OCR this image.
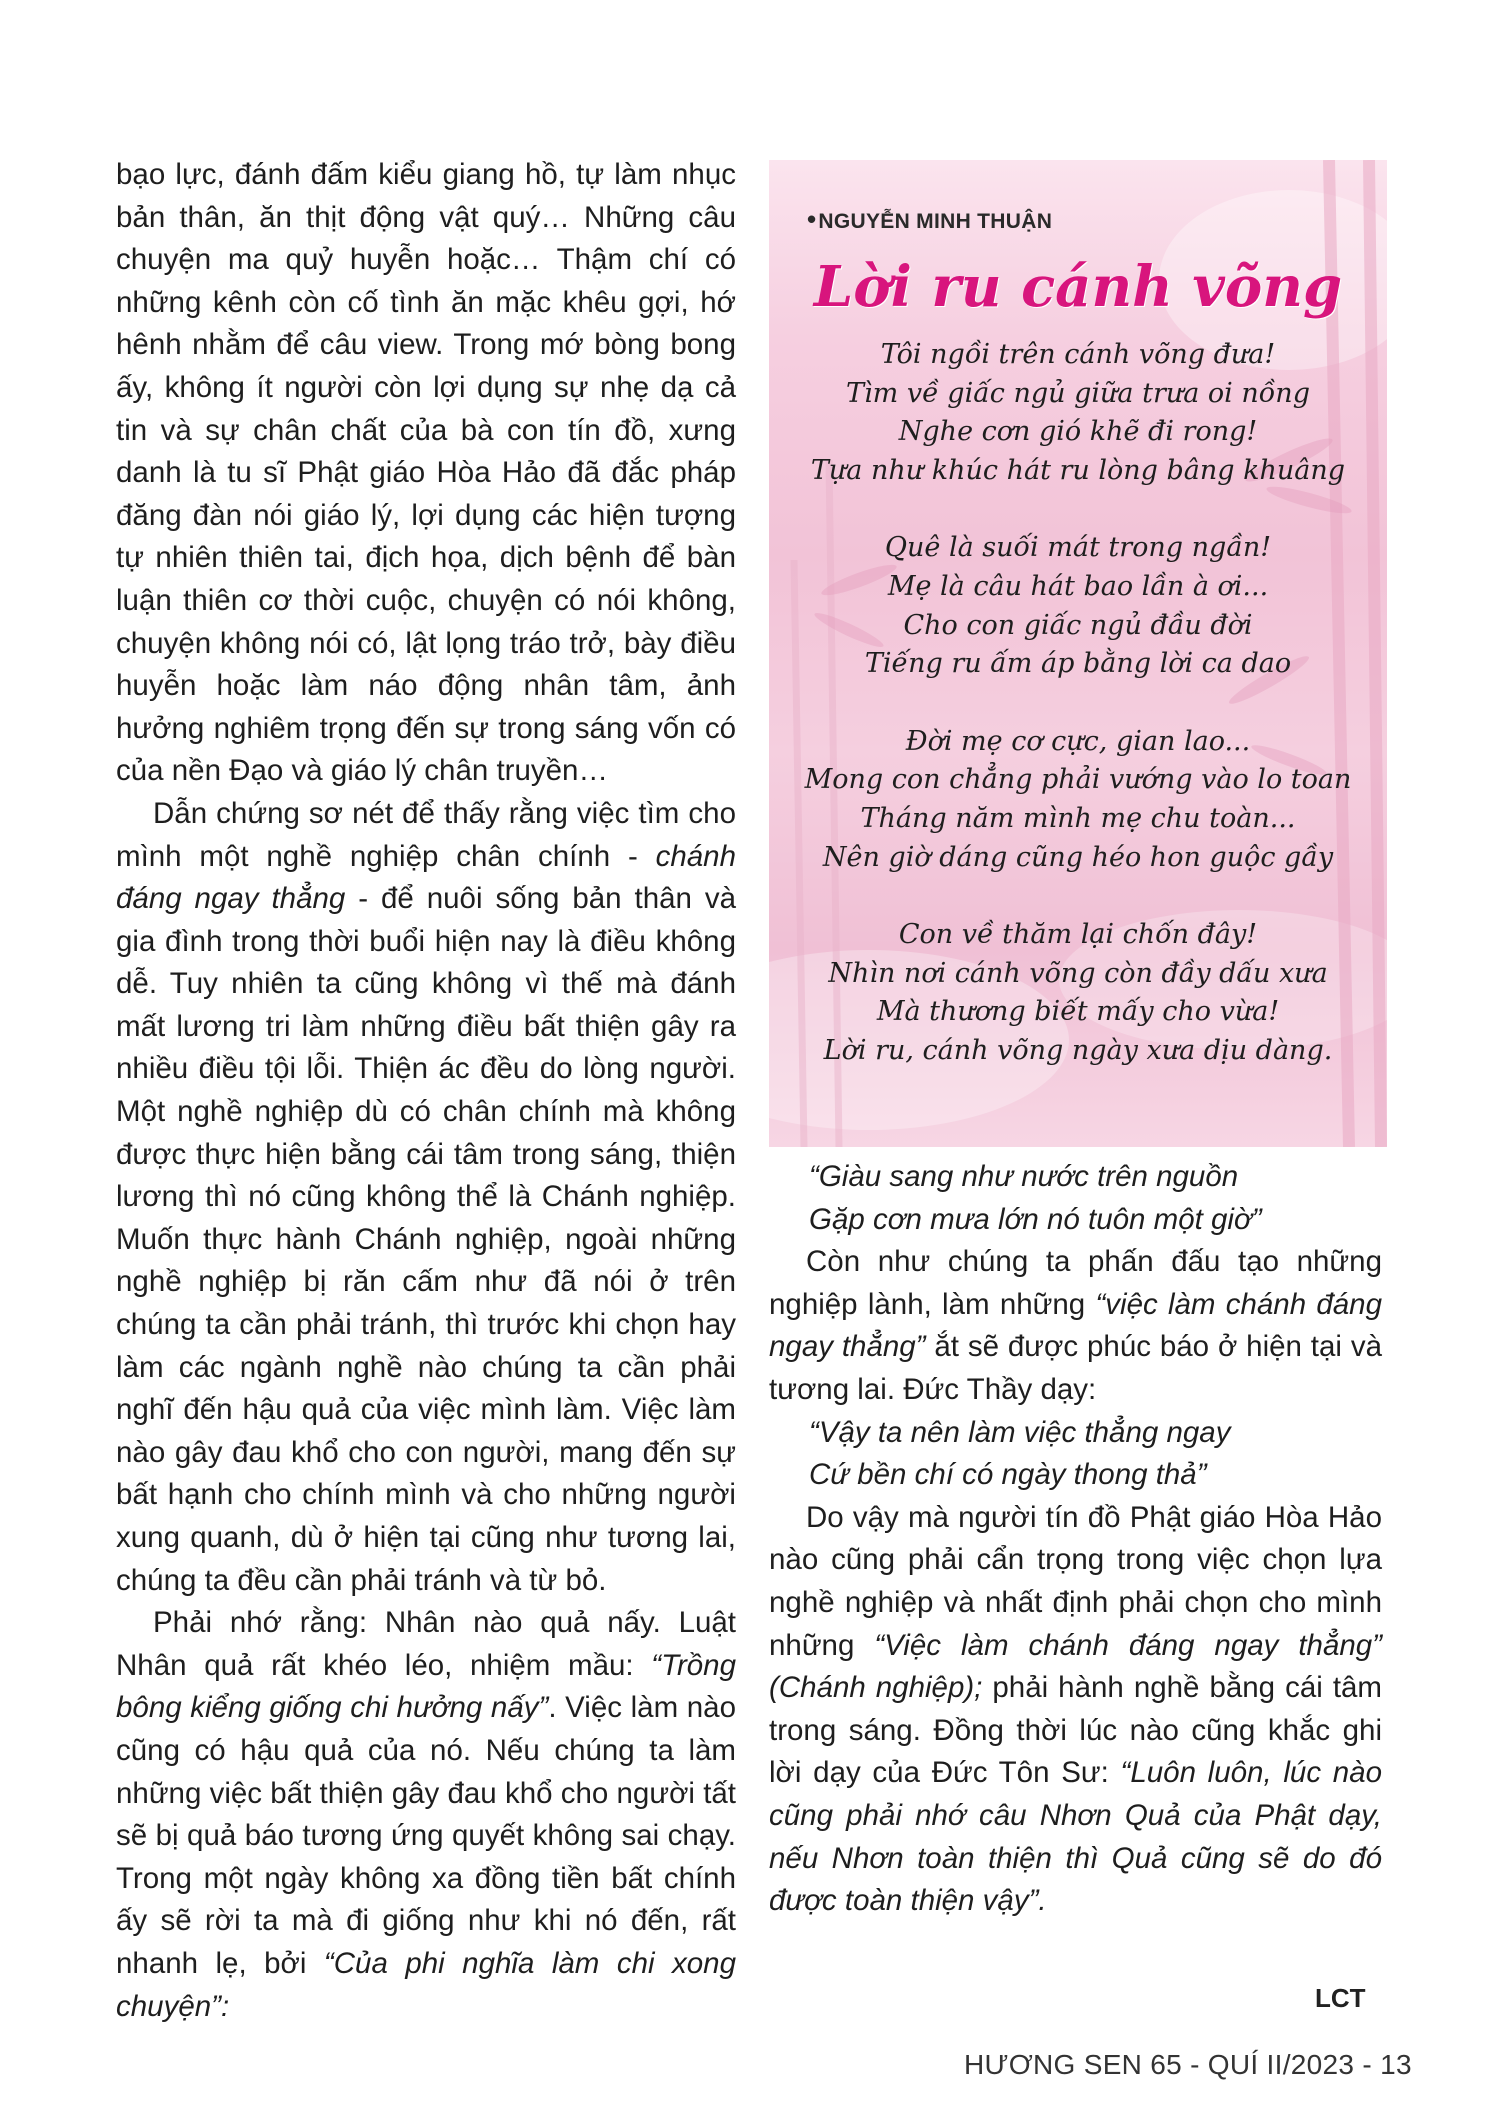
bạo lực, đánh đấm kiểu giang hồ, tự làm nhục bản thân, ăn thịt động vật quý… Những câu chuyện ma quỷ huyễn hoặc… Thậm chí có những kênh còn cố tình ăn mặc khêu gợi, hớ hênh nhằm để câu view. Trong mớ bòng bong ấy, không ít người còn lợi dụng sự nhẹ dạ cả tin và sự chân chất của bà con tín đồ, xưng danh là tu sĩ Phật giáo Hòa Hảo đã đắc pháp đăng đàn nói giáo lý, lợi dụng các hiện tượng tự nhiên thiên tai, địch họa, dịch bệnh để bàn luận thiên cơ thời cuộc, chuyện có nói không, chuyện không nói có, lật lọng tráo trở, bày điều huyễn hoặc làm náo động nhân tâm, ảnh hưởng nghiêm trọng đến sự trong sáng vốn có của nền Đạo và giáo lý chân truyền…

Dẫn chứng sơ nét để thấy rằng việc tìm cho mình một nghề nghiệp chân chính - chánh đáng ngay thẳng - để nuôi sống bản thân và gia đình trong thời buổi hiện nay là điều không dễ. Tuy nhiên ta cũng không vì thế mà đánh mất lương tri làm những điều bất thiện gây ra nhiều điều tội lỗi. Thiện ác đều do lòng người. Một nghề nghiệp dù có chân chính mà không được thực hiện bằng cái tâm trong sáng, thiện lương thì nó cũng không thể là Chánh nghiệp. Muốn thực hành Chánh nghiệp, ngoài những nghề nghiệp bị răn cấm như đã nói ở trên chúng ta cần phải tránh, thì trước khi chọn hay làm các ngành nghề nào chúng ta cần phải nghĩ đến hậu quả của việc mình làm. Việc làm nào gây đau khổ cho con người, mang đến sự bất hạnh cho chính mình và cho những người xung quanh, dù ở hiện tại cũng như tương lai, chúng ta đều cần phải tránh và từ bỏ.

Phải nhớ rằng: Nhân nào quả nấy. Luật Nhân quả rất khéo léo, nhiệm mầu: “Trồng bông kiểng giống chi hưởng nấy”. Việc làm nào cũng có hậu quả của nó. Nếu chúng ta làm những việc bất thiện gây đau khổ cho người tất sẽ bị quả báo tương ứng quyết không sai chạy. Trong một ngày không xa đồng tiền bất chính ấy sẽ rời ta mà đi giống như khi nó đến, rất nhanh lẹ, bởi “Của phi nghĩa làm chi xong chuyện”:

•NGUYỄN MINH THUẬN
Lời ru cánh võng
Tôi ngồi trên cánh võng đưa!
Tìm về giấc ngủ giữa trưa oi nồng
Nghe cơn gió khẽ đi rong!
Tựa như khúc hát ru lòng bâng khuâng
Quê là suối mát trong ngần!
Mẹ là câu hát bao lần à ơi...
Cho con giấc ngủ đầu đời
Tiếng ru ấm áp bằng lời ca dao
Đời mẹ cơ cực, gian lao...
Mong con chẳng phải vướng vào lo toan
Tháng năm mình mẹ chu toàn...
Nên giờ dáng cũng héo hon guộc gầy
Con về thăm lại chốn đây!
Nhìn nơi cánh võng còn đầy dấu xưa
Mà thương biết mấy cho vừa!
Lời ru, cánh võng ngày xưa dịu dàng.

“Giàu sang như nước trên nguồn

Gặp cơn mưa lớn nó tuôn một giờ”

Còn như chúng ta phấn đấu tạo những nghiệp lành, làm những “việc làm chánh đáng ngay thẳng” ắt sẽ được phúc báo ở hiện tại và tương lai. Đức Thầy dạy:

“Vậy ta nên làm việc thẳng ngay

Cứ bền chí có ngày thong thả”

Do vậy mà người tín đồ Phật giáo Hòa Hảo nào cũng phải cẩn trọng trong việc chọn lựa nghề nghiệp và nhất định phải chọn cho mình những “Việc làm chánh đáng ngay thẳng” (Chánh nghiệp); phải hành nghề bằng cái tâm trong sáng. Đồng thời lúc nào cũng khắc ghi lời dạy của Đức Tôn Sư: “Luôn luôn, lúc nào cũng phải nhớ câu Nhơn Quả của Phật dạy, nếu Nhơn toàn thiện thì Quả cũng sẽ do đó được toàn thiện vậy”.

LCT
HƯƠNG SEN 65 - QUÍ II/2023 - 13
